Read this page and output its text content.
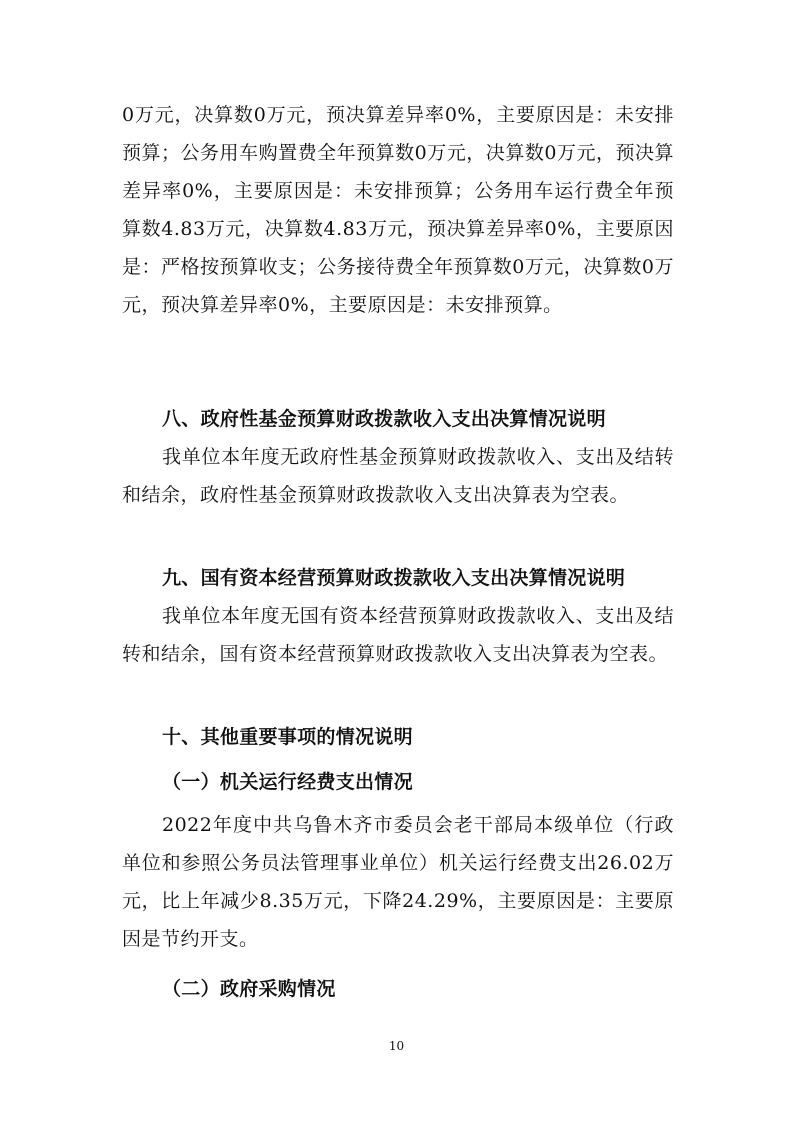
0万元，决算数0万元，预决算差异率0%，主要原因是：未安排预算；公务用车购置费全年预算数0万元，决算数0万元，预决算差异率0%，主要原因是：未安排预算；公务用车运行费全年预算数4.83万元，决算数4.83万元，预决算差异率0%，主要原因是：严格按预算收支；公务接待费全年预算数0万元，决算数0万元，预决算差异率0%，主要原因是：未安排预算。
八、政府性基金预算财政拨款收入支出决算情况说明
我单位本年度无政府性基金预算财政拨款收入、支出及结转和结余，政府性基金预算财政拨款收入支出决算表为空表。
九、国有资本经营预算财政拨款收入支出决算情况说明
我单位本年度无国有资本经营预算财政拨款收入、支出及结转和结余，国有资本经营预算财政拨款收入支出决算表为空表。
十、其他重要事项的情况说明
（一）机关运行经费支出情况
2022年度中共乌鲁木齐市委员会老干部局本级单位（行政单位和参照公务员法管理事业单位）机关运行经费支出26.02万元，比上年减少8.35万元，下降24.29%，主要原因是：主要原因是节约开支。
（二）政府采购情况
10
